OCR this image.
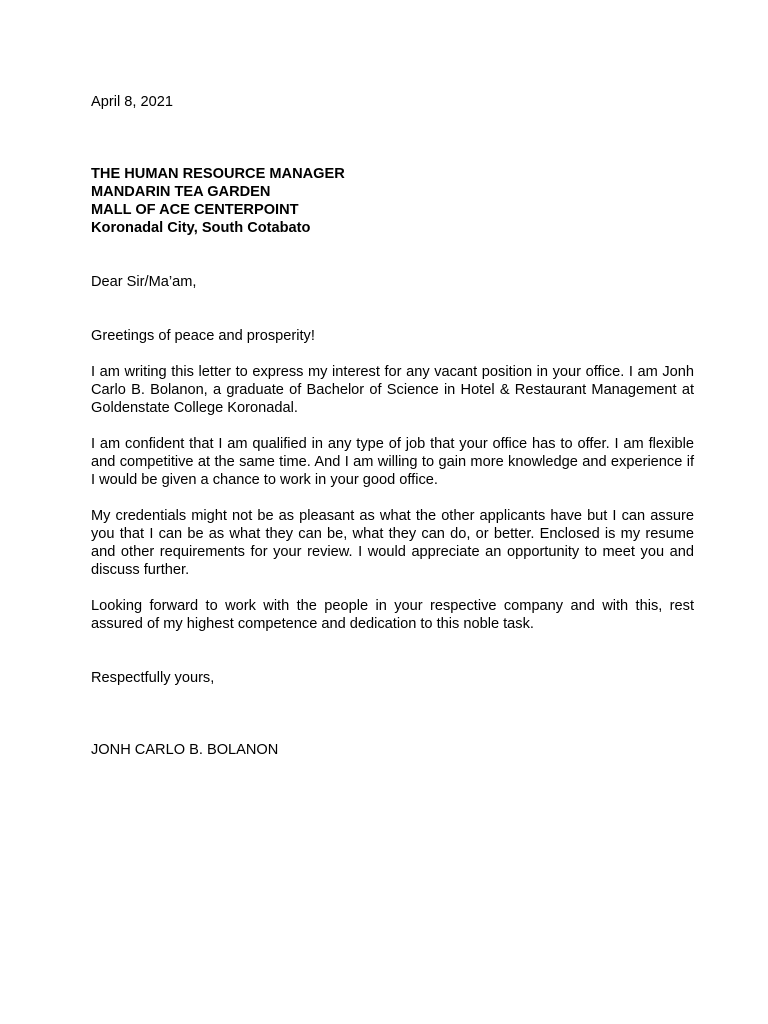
April 8, 2021
THE HUMAN RESOURCE MANAGER
MANDARIN TEA GARDEN
MALL OF ACE CENTERPOINT
Koronadal City, South Cotabato
Dear Sir/Ma’am,
Greetings of peace and prosperity!

I am writing this letter to express my interest for any vacant position in your office. I am Jonh Carlo B. Bolanon, a graduate of Bachelor of Science in Hotel & Restaurant Management at Goldenstate College Koronadal.

I am confident that I am qualified in any type of job that your office has to offer. I am flexible and competitive at the same time. And I am willing to gain more knowledge and experience if I would be given a chance to work in your good office.

My credentials might not be as pleasant as what the other applicants have but I can assure you that I can be as what they can be, what they can do, or better. Enclosed is my resume and other requirements for your review. I would appreciate an opportunity to meet you and discuss further.

Looking forward to work with the people in your respective company and with this, rest assured of my highest competence and dedication to this noble task.

Respectfully yours,
JONH CARLO B. BOLANON
